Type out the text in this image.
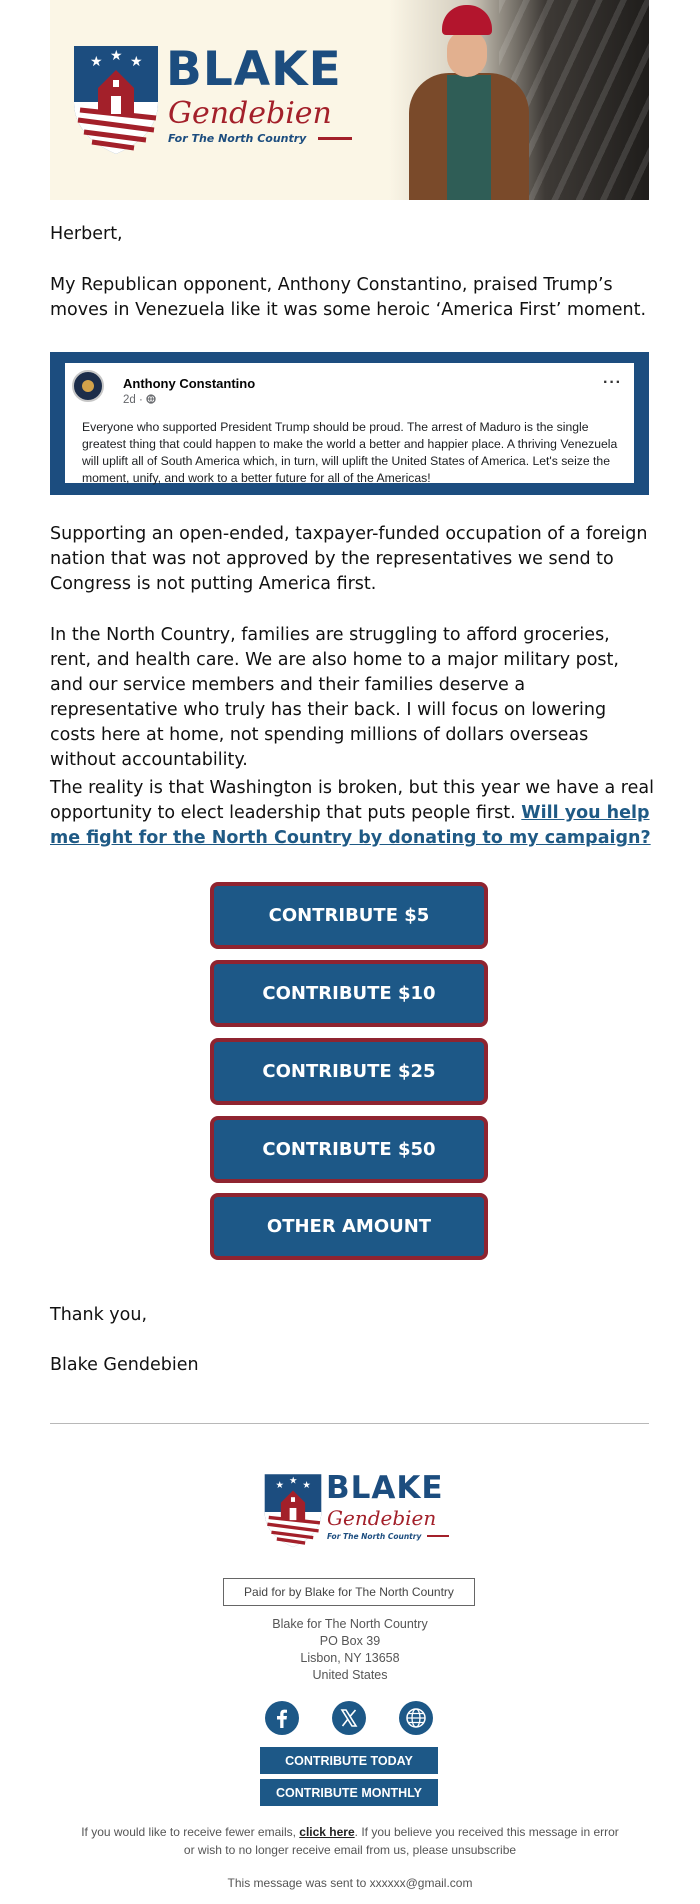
★ ★ ★ BLAKE
Gendebien
For The North Country

Herbert,

My Republican opponent, Anthony Constantino, praised Trump’s moves in Venezuela like it was some heroic ‘America First’ moment.

Anthony Constantino
2d ·
···
Everyone who supported President Trump should be proud. The arrest of Maduro is the single greatest thing that could happen to make the world a better and happier place. A thriving Venezuela will uplift all of South America which, in turn, will uplift the United States of America. Let's seize the moment, unify, and work to a better future for all of the Americas!

Supporting an open-ended, taxpayer-funded occupation of a foreign nation that was not approved by the representatives we send to Congress is not putting America first.

In the North Country, families are struggling to afford groceries, rent, and health care. We are also home to a major military post, and our service members and their families deserve a representative who truly has their back. I will focus on lowering costs here at home, not spending millions of dollars overseas without accountability.

The reality is that Washington is broken, but this year we have a real opportunity to elect leadership that puts people first. Will you help me fight for the North Country by donating to my campaign?

CONTRIBUTE $5
CONTRIBUTE $10
CONTRIBUTE $25
CONTRIBUTE $50
OTHER AMOUNT

Thank you,

Blake Gendebien

★ ★ ★ BLAKE
Gendebien
For The North Country
Paid for by Blake for The North Country
Blake for The North Country
PO Box 39
Lisbon, NY 13658
United States
CONTRIBUTE TODAY
CONTRIBUTE MONTHLY
If you would like to receive fewer emails, click here. If you believe you received this message in error or wish to no longer receive email from us, please unsubscribe
This message was sent to xxxxxx@gmail.com
